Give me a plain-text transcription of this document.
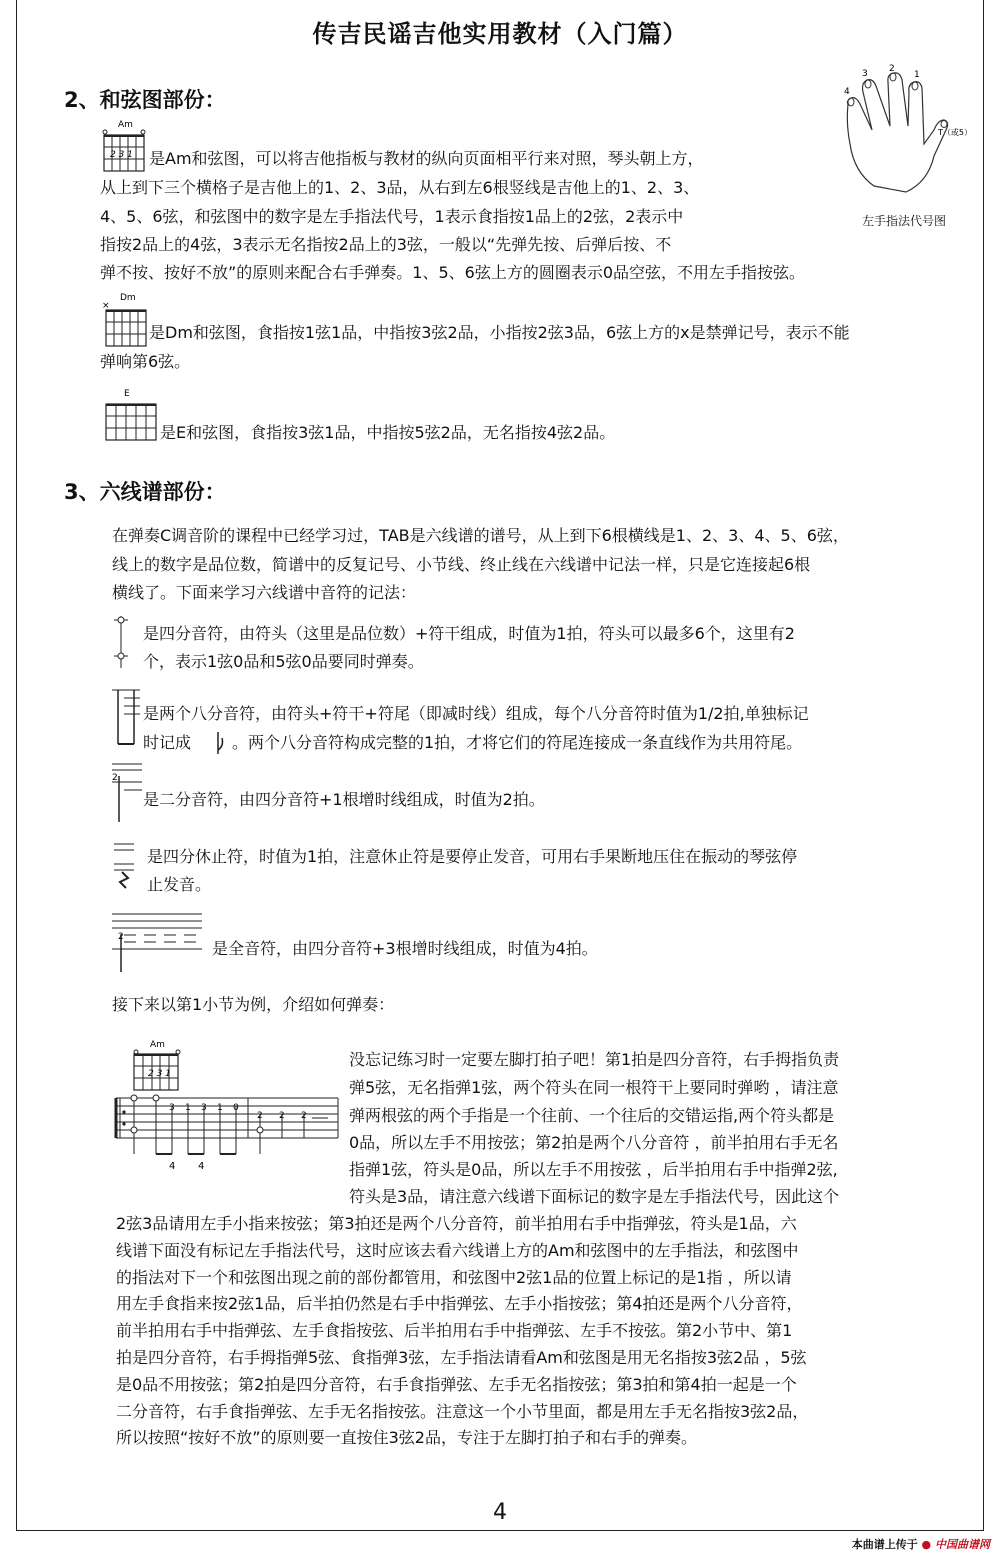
传吉民谣吉他实用教材（入门篇）
2、和弦图部份：	4
3 2
1
T（或5）
左手指法代号图
Am
2 3 1 是Am和弦图，可以将吉他指板与教材的纵向页面相平行来对照，琴头朝上方，
从上到下三个横格子是吉他上的1、2、3品，从右到左6根竖线是吉他上的1、2、3、
4、5、6弦，和弦图中的数字是左手指法代号，1表示食指按1品上的2弦，2表示中
指按2品上的4弦，3表示无名指按2品上的3弦，一般以“先弹先按、后弹后按、不
弹不按、按好不放”的原则来配合右手弹奏。1、5、6弦上方的圆圈表示0品空弦，不用左手指按弦。
Dm
×
是Dm和弦图，食指按1弦1品，中指按3弦2品，小指按2弦3品，6弦上方的x是禁弹记号，表示不能
弹响第6弦。
E
是E和弦图，食指按3弦1品，中指按5弦2品，无名指按4弦2品。
3、六线谱部份：
在弹奏C调音阶的课程中已经学习过，TAB是六线谱的谱号，从上到下6根横线是1、2、3、4、5、6弦，
线上的数字是品位数，简谱中的反复记号、小节线、终止线在六线谱中记法一样，只是它连接起6根
横线了。下面来学习六线谱中音符的记法：
是四分音符，由符头（这里是品位数）+符干组成，时值为1拍，符头可以最多6个，这里有2
个，表示1弦0品和5弦0品要同时弹奏。
是两个八分音符，由符头+符干+符尾（即减时线）组成，每个八分音符时值为1/2拍,单独标记
时记成	。两个八分音符构成完整的1拍，才将它们的符尾连接成一条直线作为共用符尾。
2
是二分音符，由四分音符+1根增时线组成，时值为2拍。
是四分休止符，时值为1拍，注意休止符是要停止发音，可用右手果断地压住在振动的琴弦停
止发音。
2
是全音符，由四分音符+3根增时线组成，时值为4拍。
接下来以第1小节为例，介绍如何弹奏：
Am
2 3 1
3 1 3 1 0
2 2 2
4 4
没忘记练习时一定要左脚打拍子吧！第1拍是四分音符，右手拇指负责
弹5弦，无名指弹1弦，两个符头在同一根符干上要同时弹哟 ，请注意
弹两根弦的两个手指是一个往前、一个往后的交错运指,两个符头都是
0品，所以左手不用按弦；第2拍是两个八分音符 ，前半拍用右手无名
指弹1弦，符头是0品，所以左手不用按弦 ，后半拍用右手中指弹2弦,
符头是3品，请注意六线谱下面标记的数字是左手指法代号，因此这个
2弦3品请用左手小指来按弦；第3拍还是两个八分音符，前半拍用右手中指弹弦，符头是1品，六
线谱下面没有标记左手指法代号，这时应该去看六线谱上方的Am和弦图中的左手指法，和弦图中
的指法对下一个和弦图出现之前的部份都管用，和弦图中2弦1品的位置上标记的是1指 ，所以请
用左手食指来按2弦1品，后半拍仍然是右手中指弹弦、左手小指按弦；第4拍还是两个八分音符，
前半拍用右手中指弹弦、左手食指按弦、后半拍用右手中指弹弦、左手不按弦。第2小节中、第1
拍是四分音符，右手拇指弹5弦、食指弹3弦，左手指法请看Am和弦图是用无名指按3弦2品 ，5弦
是0品不用按弦；第2拍是四分音符，右手食指弹弦、左手无名指按弦；第3拍和第4拍一起是一个
二分音符，右手食指弹弦、左手无名指按弦。注意这一个小节里面，都是用左手无名指按3弦2品，
所以按照“按好不放”的原则要一直按住3弦2品，专注于左脚打拍子和右手的弹奏。
4
本曲谱上传于 ● 中国曲谱网
